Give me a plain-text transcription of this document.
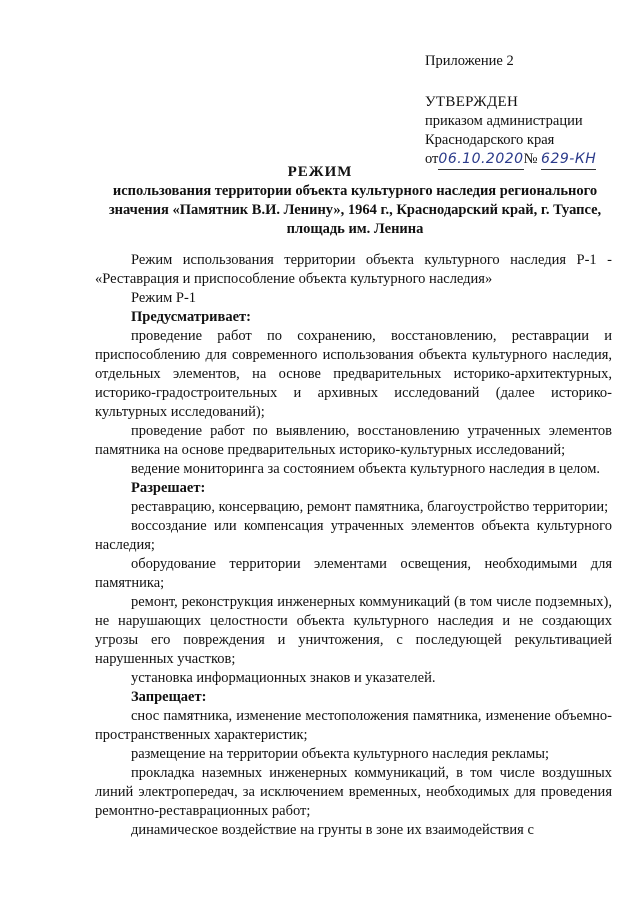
Приложение 2
УТВЕРЖДЕН
приказом администрации
Краснодарского края
от06.10.2020№ 629-КН
РЕЖИМ
использования территории объекта культурного наследия регионального значения «Памятник В.И. Ленину», 1964 г., Краснодарский край, г. Туапсе, площадь им. Ленина

Режим использования территории объекта культурного наследия Р-1 - «Реставрация и приспособление объекта культурного наследия»

Режим Р-1

Предусматривает:

проведение работ по сохранению, восстановлению, реставрации и приспособлению для современного использования объекта культурного наследия, отдельных элементов, на основе предварительных историко-архитектурных, историко-градостроительных и архивных исследований (далее историко-культурных исследований);

проведение работ по выявлению, восстановлению утраченных элементов памятника на основе предварительных историко-культурных исследований;

ведение мониторинга за состоянием объекта культурного наследия в целом.

Разрешает:

реставрацию, консервацию, ремонт памятника, благоустройство территории;

воссоздание или компенсация утраченных элементов объекта культурного наследия;

оборудование территории элементами освещения, необходимыми для памятника;

ремонт, реконструкция инженерных коммуникаций (в том числе подземных), не нарушающих целостности объекта культурного наследия и не создающих угрозы его повреждения и уничтожения, с последующей рекультивацией нарушенных участков;

установка информационных знаков и указателей.

Запрещает:

снос памятника, изменение местоположения памятника, изменение объемно-пространственных характеристик;

размещение на территории объекта культурного наследия рекламы;

прокладка наземных инженерных коммуникаций, в том числе воздушных линий электропередач, за исключением временных, необходимых для проведения ремонтно-реставрационных работ;

динамическое воздействие на грунты в зоне их взаимодействия с
